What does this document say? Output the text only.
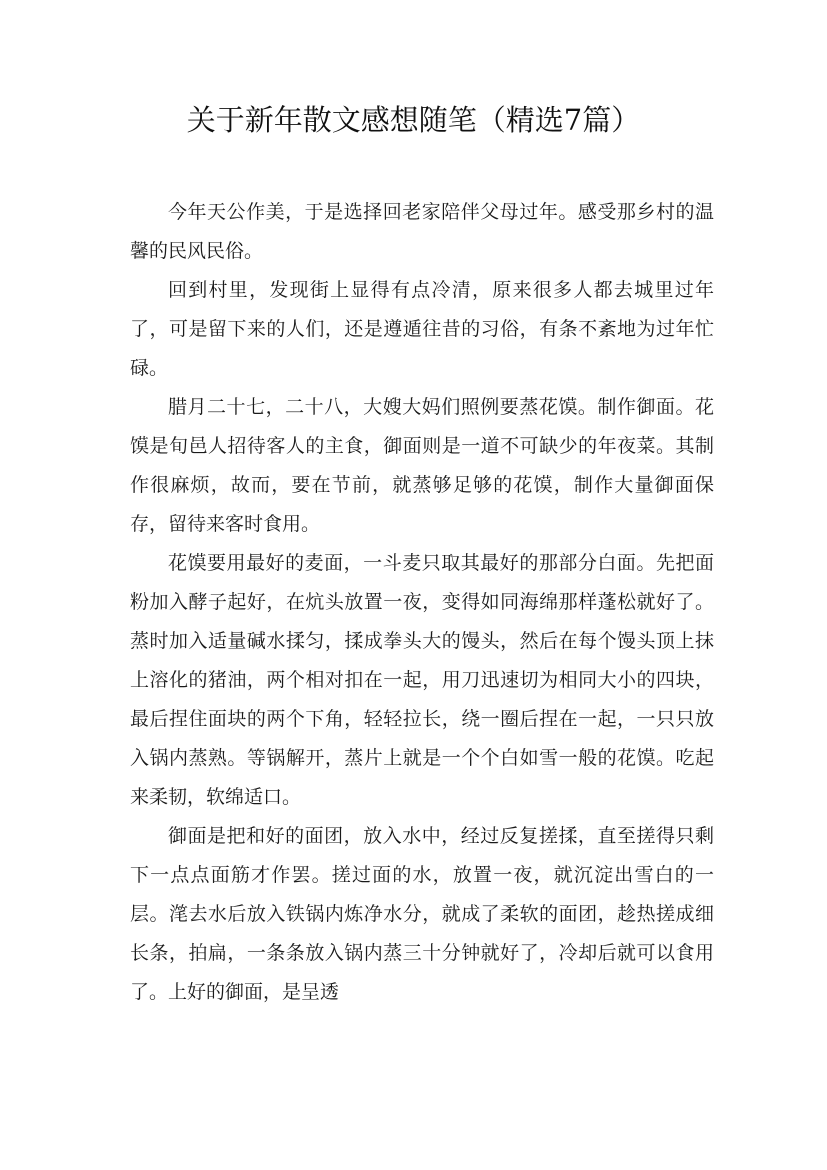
关于新年散文感想随笔（精选7篇）

今年天公作美，于是选择回老家陪伴父母过年。感受那乡村的温馨的民风民俗。

回到村里，发现街上显得有点冷清，原来很多人都去城里过年了，可是留下来的人们，还是遵遁往昔的习俗，有条不紊地为过年忙碌。

腊月二十七，二十八，大嫂大妈们照例要蒸花馍。制作御面。花馍是旬邑人招待客人的主食，御面则是一道不可缺少的年夜菜。其制作很麻烦，故而，要在节前，就蒸够足够的花馍，制作大量御面保存，留待来客时食用。

花馍要用最好的麦面，一斗麦只取其最好的那部分白面。先把面粉加入酵子起好，在炕头放置一夜，变得如同海绵那样蓬松就好了。蒸时加入适量碱水揉匀，揉成拳头大的馒头，然后在每个馒头顶上抹上溶化的猪油，两个相对扣在一起，用刀迅速切为相同大小的四块，最后捏住面块的两个下角，轻轻拉长，绕一圈后捏在一起，一只只放入锅内蒸熟。等锅解开，蒸片上就是一个个白如雪一般的花馍。吃起来柔韧，软绵适口。

御面是把和好的面团，放入水中，经过反复搓揉，直至搓得只剩下一点点面筋才作罢。搓过面的水，放置一夜，就沉淀出雪白的一层。滗去水后放入铁锅内炼净水分，就成了柔软的面团，趁热搓成细长条，拍扁，一条条放入锅内蒸三十分钟就好了，冷却后就可以食用了。上好的御面，是呈透
